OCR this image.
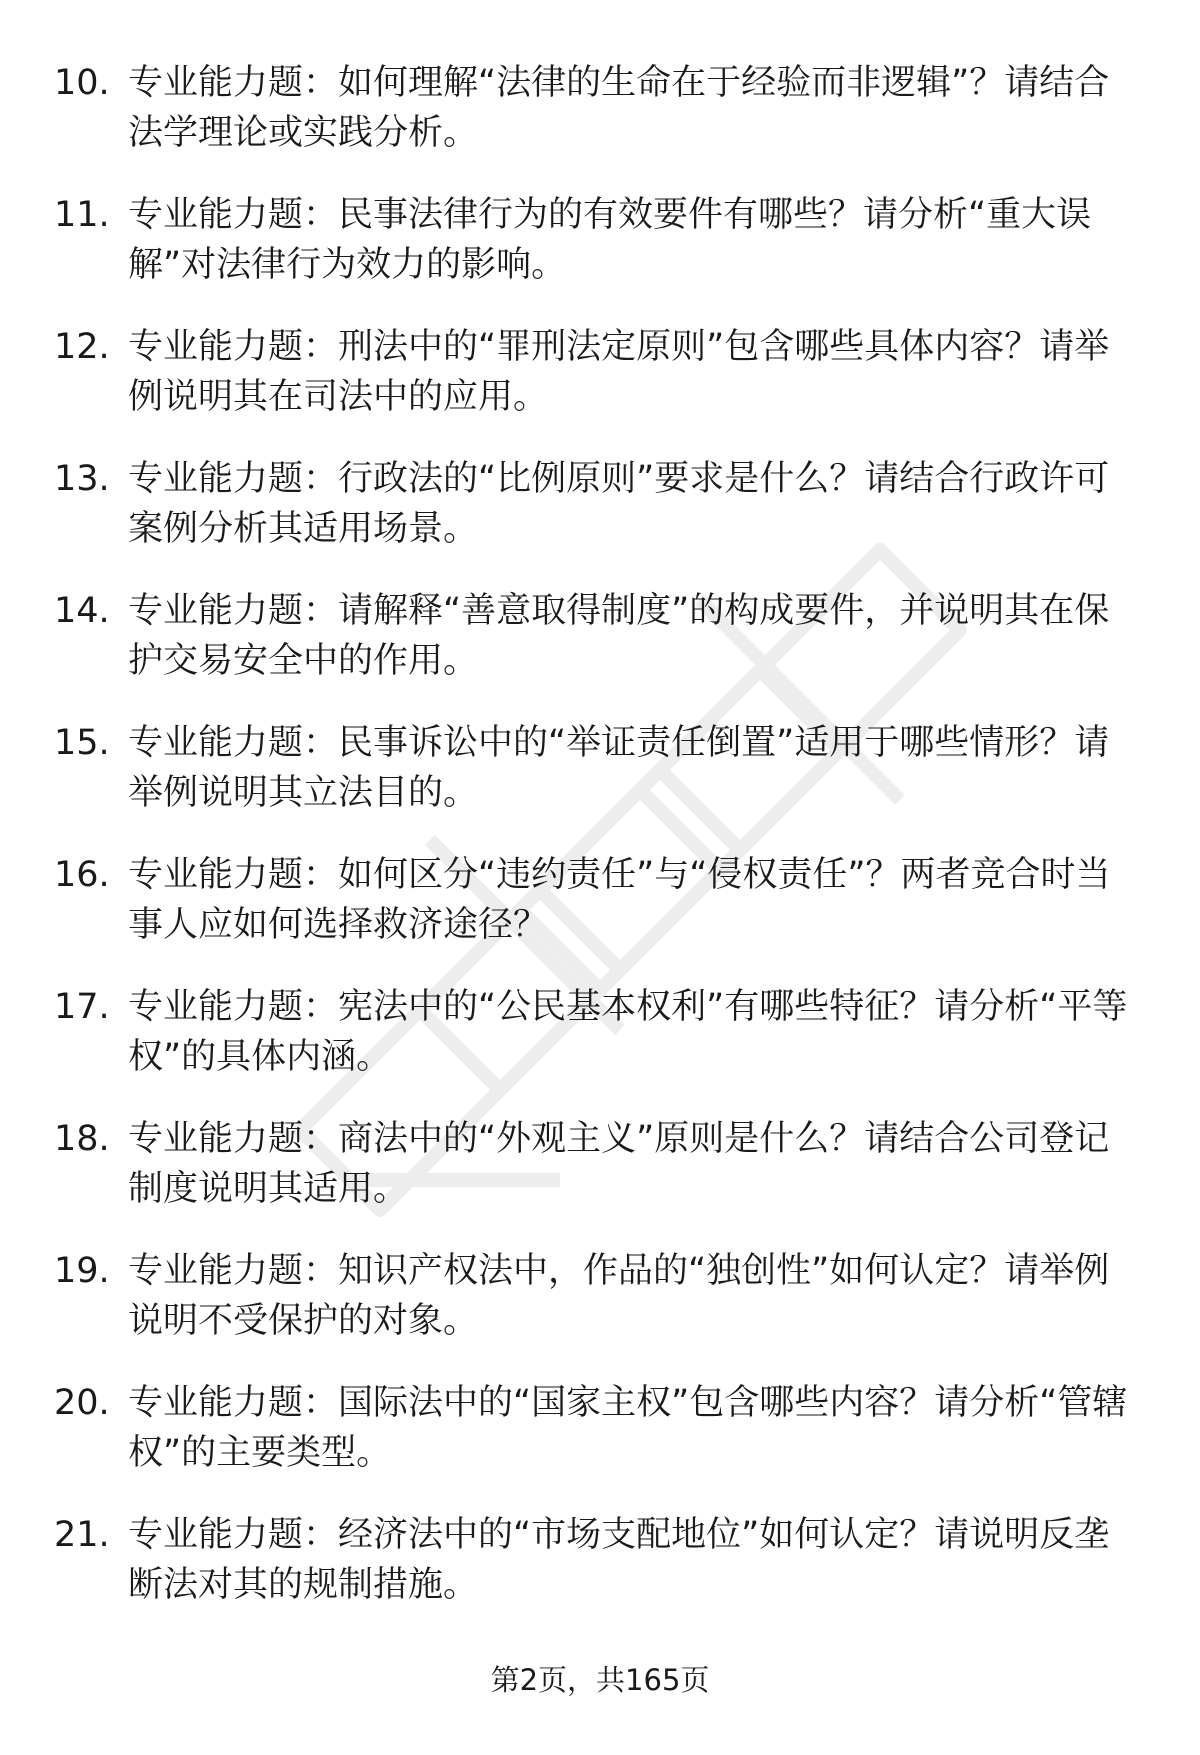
10. 专业能力题：如何理解“法律的生命在于经验而非逻辑”？请结合法学理论或实践分析。
11. 专业能力题：民事法律行为的有效要件有哪些？请分析“重大误解”对法律行为效力的影响。
12. 专业能力题：刑法中的“罪刑法定原则”包含哪些具体内容？请举例说明其在司法中的应用。
13. 专业能力题：行政法的“比例原则”要求是什么？请结合行政许可案例分析其适用场景。
14. 专业能力题：请解释“善意取得制度”的构成要件，并说明其在保护交易安全中的作用。
15. 专业能力题：民事诉讼中的“举证责任倒置”适用于哪些情形？请举例说明其立法目的。
16. 专业能力题：如何区分“违约责任”与“侵权责任”？两者竞合时当事人应如何选择救济途径？
17. 专业能力题：宪法中的“公民基本权利”有哪些特征？请分析“平等权”的具体内涵。
18. 专业能力题：商法中的“外观主义”原则是什么？请结合公司登记制度说明其适用。
19. 专业能力题：知识产权法中，作品的“独创性”如何认定？请举例说明不受保护的对象。
20. 专业能力题：国际法中的“国家主权”包含哪些内容？请分析“管辖权”的主要类型。
21. 专业能力题：经济法中的“市场支配地位”如何认定？请说明反垄断法对其的规制措施。
第2页，共165页
